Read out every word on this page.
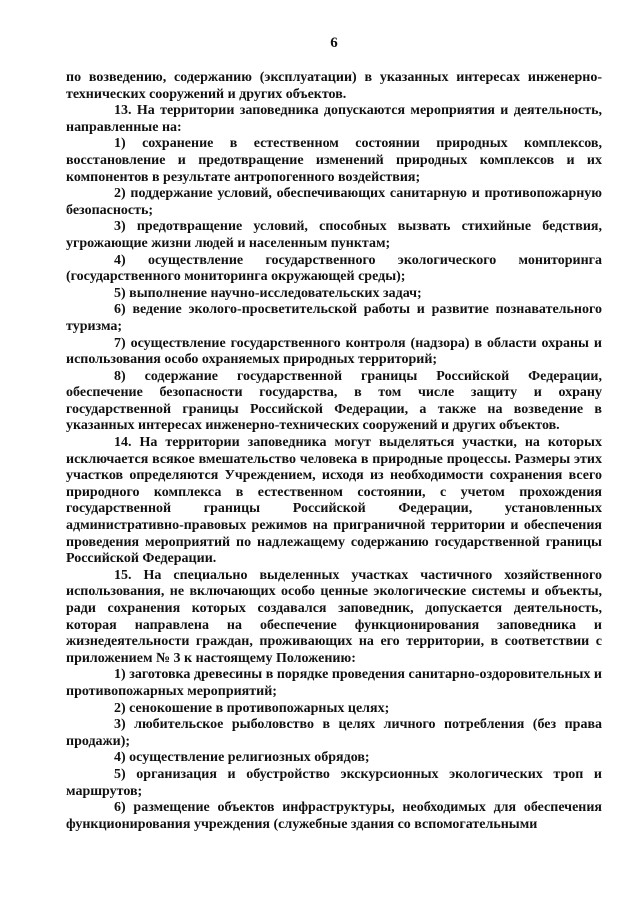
6

по возведению, содержанию (эксплуатации) в указанных интересах инженерно-технических сооружений и других объектов.

13. На территории заповедника допускаются мероприятия и деятельность, направленные на:

1) сохранение в естественном состоянии природных комплексов, восстановление и предотвращение изменений природных комплексов и их компонентов в результате антропогенного воздействия;

2) поддержание условий, обеспечивающих санитарную и противопожарную безопасность;

3) предотвращение условий, способных вызвать стихийные бедствия, угрожающие жизни людей и населенным пунктам;

4) осуществление государственного экологического мониторинга (государственного мониторинга окружающей среды);

5) выполнение научно-исследовательских задач;

6) ведение эколого-просветительской работы и развитие познавательного туризма;

7) осуществление государственного контроля (надзора) в области охраны и использования особо охраняемых природных территорий;

8) содержание государственной границы Российской Федерации, обеспечение безопасности государства, в том числе защиту и охрану государственной границы Российской Федерации, а также на возведение в указанных интересах инженерно-технических сооружений и других объектов.

14. На территории заповедника могут выделяться участки, на которых исключается всякое вмешательство человека в природные процессы. Размеры этих участков определяются Учреждением, исходя из необходимости сохранения всего природного комплекса в естественном состоянии, с учетом прохождения государственной границы Российской Федерации, установленных административно-правовых режимов на приграничной территории и обеспечения проведения мероприятий по надлежащему содержанию государственной границы Российской Федерации.

15. На специально выделенных участках частичного хозяйственного использования, не включающих особо ценные экологические системы и объекты, ради сохранения которых создавался заповедник, допускается деятельность, которая направлена на обеспечение функционирования заповедника и жизнедеятельности граждан, проживающих на его территории, в соответствии с приложением № 3 к настоящему Положению:

1) заготовка древесины в порядке проведения санитарно-оздоровительных и противопожарных мероприятий;

2) сенокошение в противопожарных целях;

3) любительское рыболовство в целях личного потребления (без права продажи);

4) осуществление религиозных обрядов;

5) организация и обустройство экскурсионных экологических троп и маршрутов;

6) размещение объектов инфраструктуры, необходимых для обеспечения функционирования учреждения (служебные здания со вспомогательными
